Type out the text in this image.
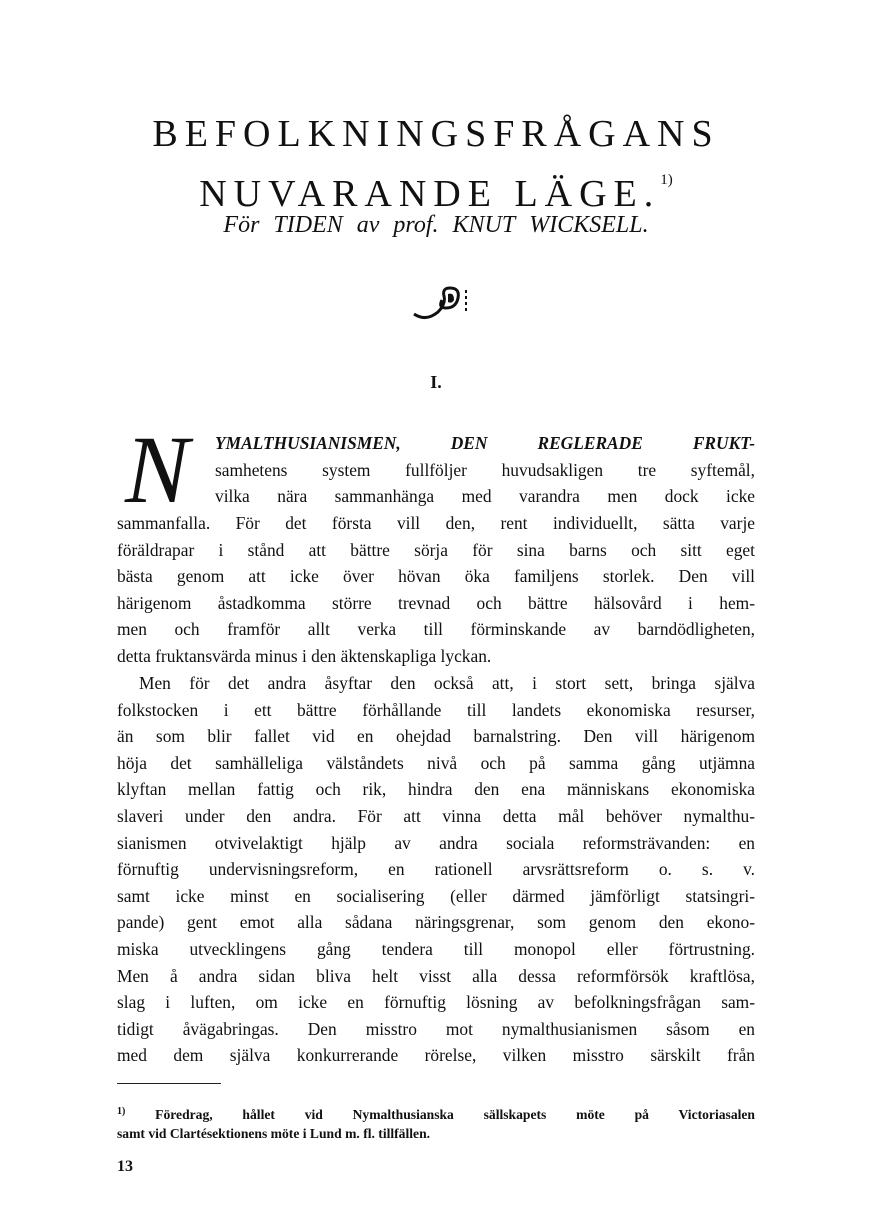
BEFOLKNINGSFRÅGANS
NUVARANDE LÄGE.$^{1)}$
För TIDEN av prof. KNUT WICKSELL.
I.
N YMALTHUSIANISMEN, DEN REGLERADE FRUKT-
samhetens system fullföljer huvudsakligen tre syftemål,
vilka nära sammanhänga med varandra men dock icke
sammanfalla. För det första vill den, rent individuellt, sätta varje
föräldrapar i stånd att bättre sörja för sina barns och sitt eget
bästa genom att icke över hövan öka familjens storlek. Den vill
härigenom åstadkomma större trevnad och bättre hälsovård i hem-
men och framför allt verka till förminskande av barndödligheten,
detta fruktansvärda minus i den äktenskapliga lyckan.
Men för det andra åsyftar den också att, i stort sett, bringa själva
folkstocken i ett bättre förhållande till landets ekonomiska resurser,
än som blir fallet vid en ohejdad barnalstring. Den vill härigenom
höja det samhälleliga välståndets nivå och på samma gång utjämna
klyftan mellan fattig och rik, hindra den ena människans ekonomiska
slaveri under den andra. För att vinna detta mål behöver nymalthu-
sianismen otvivelaktigt hjälp av andra sociala reformsträvanden: en
förnuftig undervisningsreform, en rationell arvsrättsreform o. s. v.
samt icke minst en socialisering (eller därmed jämförligt statsingri-
pande) gent emot alla sådana näringsgrenar, som genom den ekono-
miska utvecklingens gång tendera till monopol eller förtrustning.
Men å andra sidan bliva helt visst alla dessa reformförsök kraftlösa,
slag i luften, om icke en förnuftig lösning av befolkningsfrågan sam-
tidigt åvägabringas. Den misstro mot nymalthusianismen såsom en
med dem själva konkurrerande rörelse, vilken misstro särskilt från
$^{1)}$ Föredrag, hållet vid Nymalthusianska sällskapets möte på Victoriasalen
samt vid Clartésektionens möte i Lund m. fl. tillfällen.
13
